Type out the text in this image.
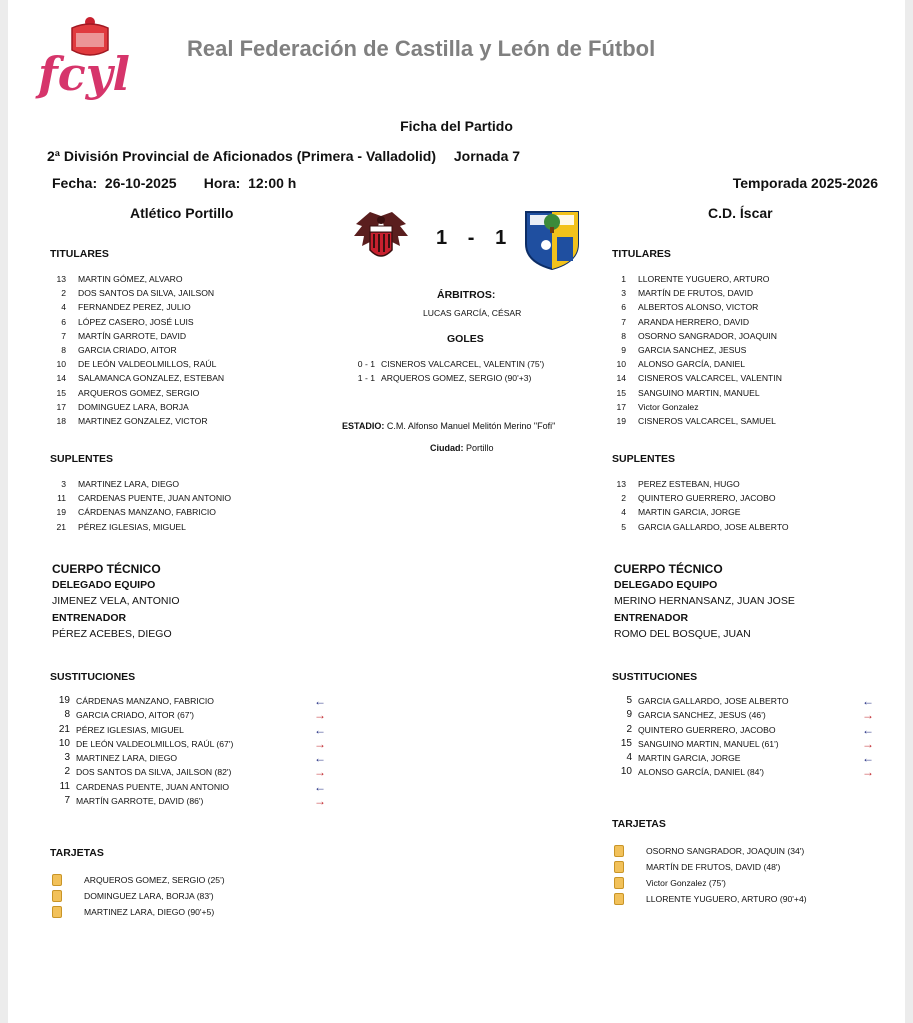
fcyl	Real Federación de Castilla y León de Fútbol
Ficha del Partido
2ª División Provincial de Aficionados (Primera - Valladolid) Jornada 7
Fecha: 26-10-2025 Hora: 12:00 h	Temporada 2025-2026
Atlético Portillo	C.D. Íscar
1 - 1
TITULARES
13	MARTIN GÓMEZ, ALVARO
2	DOS SANTOS DA SILVA, JAILSON
4	FERNANDEZ PEREZ, JULIO
6	LÓPEZ CASERO, JOSÉ LUIS
7	MARTÍN GARROTE, DAVID
8	GARCIA CRIADO, AITOR
10	DE LEÓN VALDEOLMILLOS, RAÚL
14	SALAMANCA GONZALEZ, ESTEBAN
15	ARQUEROS GOMEZ, SERGIO
17	DOMINGUEZ LARA, BORJA
18	MARTINEZ GONZALEZ, VICTOR
TITULARES
1	LLORENTE YUGUERO, ARTURO
3	MARTÍN DE FRUTOS, DAVID
6	ALBERTOS ALONSO, VICTOR
7	ARANDA HERRERO, DAVID
8	OSORNO SANGRADOR, JOAQUIN
9	GARCIA SANCHEZ, JESUS
10	ALONSO GARCÍA, DANIEL
14	CISNEROS VALCARCEL, VALENTIN
15	SANGUINO MARTIN, MANUEL
17	Victor Gonzalez
19	CISNEROS VALCARCEL, SAMUEL
ÁRBITROS:
LUCAS GARCÍA, CÉSAR
GOLES
0 - 1 CISNEROS VALCARCEL, VALENTIN (75')
1 - 1 ARQUEROS GOMEZ, SERGIO (90'+3)
ESTADIO: C.M. Alfonso Manuel Melitón Merino "Fofi"
Ciudad: Portillo
SUPLENTES
3	MARTINEZ LARA, DIEGO
11	CARDENAS PUENTE, JUAN ANTONIO
19	CÁRDENAS MANZANO, FABRICIO
21	PÉREZ IGLESIAS, MIGUEL
SUPLENTES
13	PEREZ ESTEBAN, HUGO
2	QUINTERO GUERRERO, JACOBO
4	MARTIN GARCIA, JORGE
5	GARCIA GALLARDO, JOSE ALBERTO
CUERPO TÉCNICO
DELEGADO EQUIPO
JIMENEZ VELA, ANTONIO
ENTRENADOR
PÉREZ ACEBES, DIEGO
CUERPO TÉCNICO
DELEGADO EQUIPO
MERINO HERNANSANZ, JUAN JOSE
ENTRENADOR
ROMO DEL BOSQUE, JUAN
SUSTITUCIONES
19 CÁRDENAS MANZANO, FABRICIO	←
8 GARCIA CRIADO, AITOR (67')	→
21 PÉREZ IGLESIAS, MIGUEL	←
10 DE LEÓN VALDEOLMILLOS, RAÚL (67')	→
3 MARTINEZ LARA, DIEGO	←
2 DOS SANTOS DA SILVA, JAILSON (82')	→
11 CARDENAS PUENTE, JUAN ANTONIO	←
7 MARTÍN GARROTE, DAVID (86')	→
SUSTITUCIONES
5 GARCIA GALLARDO, JOSE ALBERTO	←
9 GARCIA SANCHEZ, JESUS (46')	→
2 QUINTERO GUERRERO, JACOBO	←
15 SANGUINO MARTIN, MANUEL (61')	→
4 MARTIN GARCIA, JORGE	←
10 ALONSO GARCÍA, DANIEL (84')	→
TARJETAS
ARQUEROS GOMEZ, SERGIO (25')
DOMINGUEZ LARA, BORJA (83')
MARTINEZ LARA, DIEGO (90'+5)
TARJETAS
OSORNO SANGRADOR, JOAQUIN (34')
MARTÍN DE FRUTOS, DAVID (48')
Victor Gonzalez (75')
LLORENTE YUGUERO, ARTURO (90'+4)
